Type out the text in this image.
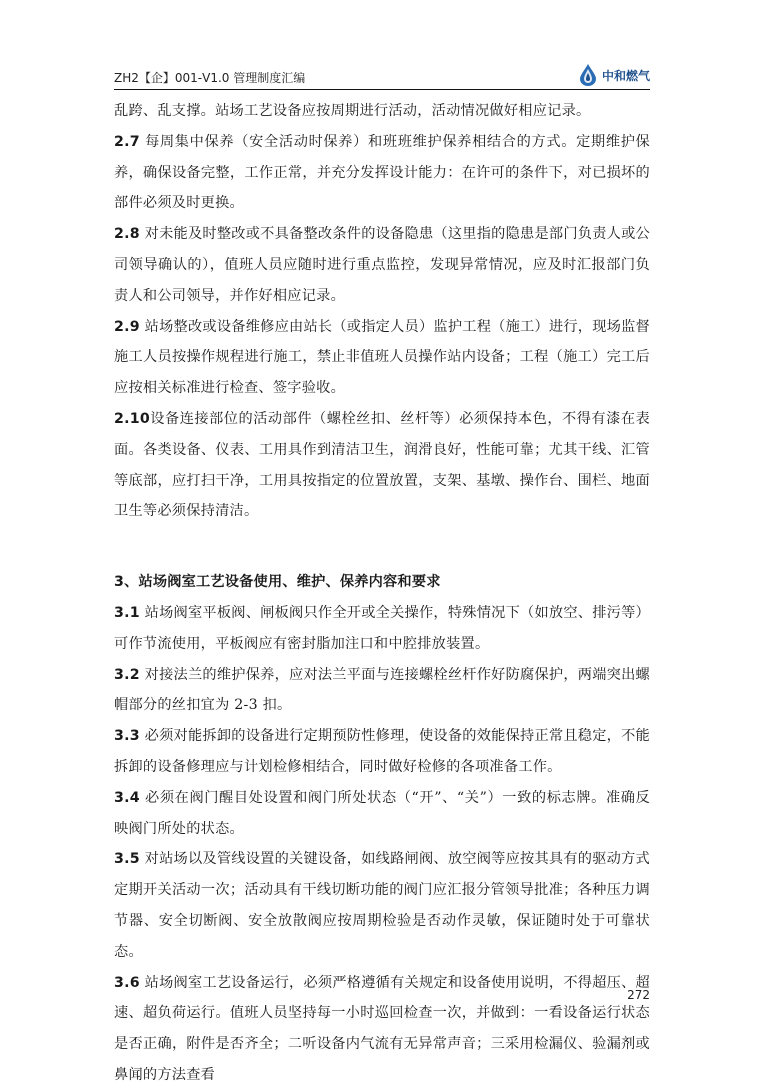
ZH2【企】001-V1.0 管理制度汇编	中和燃气

乱跨、乱支撑。站场工艺设备应按周期进行活动，活动情况做好相应记录。

2.7 每周集中保养（安全活动时保养）和班班维护保养相结合的方式。定期维护保养，确保设备完整，工作正常，并充分发挥设计能力：在许可的条件下，对已损坏的部件必须及时更换。

2.8 对未能及时整改或不具备整改条件的设备隐患（这里指的隐患是部门负责人或公司领导确认的），值班人员应随时进行重点监控，发现异常情况，应及时汇报部门负责人和公司领导，并作好相应记录。

2.9 站场整改或设备维修应由站长（或指定人员）监护工程（施工）进行，现场监督施工人员按操作规程进行施工，禁止非值班人员操作站内设备；工程（施工）完工后应按相关标准进行检查、签字验收。

2.10设备连接部位的活动部件（螺栓丝扣、丝杆等）必须保持本色，不得有漆在表面。各类设备、仪表、工用具作到清洁卫生，润滑良好，性能可靠；尤其干线、汇管等底部，应打扫干净，工用具按指定的位置放置，支架、基墩、操作台、围栏、地面卫生等必须保持清洁。

3、站场阀室工艺设备使用、维护、保养内容和要求

3.1 站场阀室平板阀、闸板阀只作全开或全关操作，特殊情况下（如放空、排污等）可作节流使用，平板阀应有密封脂加注口和中腔排放装置。

3.2 对接法兰的维护保养，应对法兰平面与连接螺栓丝杆作好防腐保护，两端突出螺帽部分的丝扣宜为 2-3 扣。

3.3 必须对能拆卸的设备进行定期预防性修理，使设备的效能保持正常且稳定，不能拆卸的设备修理应与计划检修相结合，同时做好检修的各项准备工作。

3.4 必须在阀门醒目处设置和阀门所处状态（“开”、“关”）一致的标志牌。准确反映阀门所处的状态。

3.5 对站场以及管线设置的关键设备，如线路闸阀、放空阀等应按其具有的驱动方式定期开关活动一次；活动具有干线切断功能的阀门应汇报分管领导批准；各种压力调节器、安全切断阀、安全放散阀应按周期检验是否动作灵敏，保证随时处于可靠状态。

3.6 站场阀室工艺设备运行，必须严格遵循有关规定和设备使用说明，不得超压、超速、超负荷运行。值班人员坚持每一小时巡回检查一次，并做到：一看设备运行状态是否正确，附件是否齐全；二听设备内气流有无异常声音；三采用检漏仪、验漏剂或鼻闻的方法查看

272
